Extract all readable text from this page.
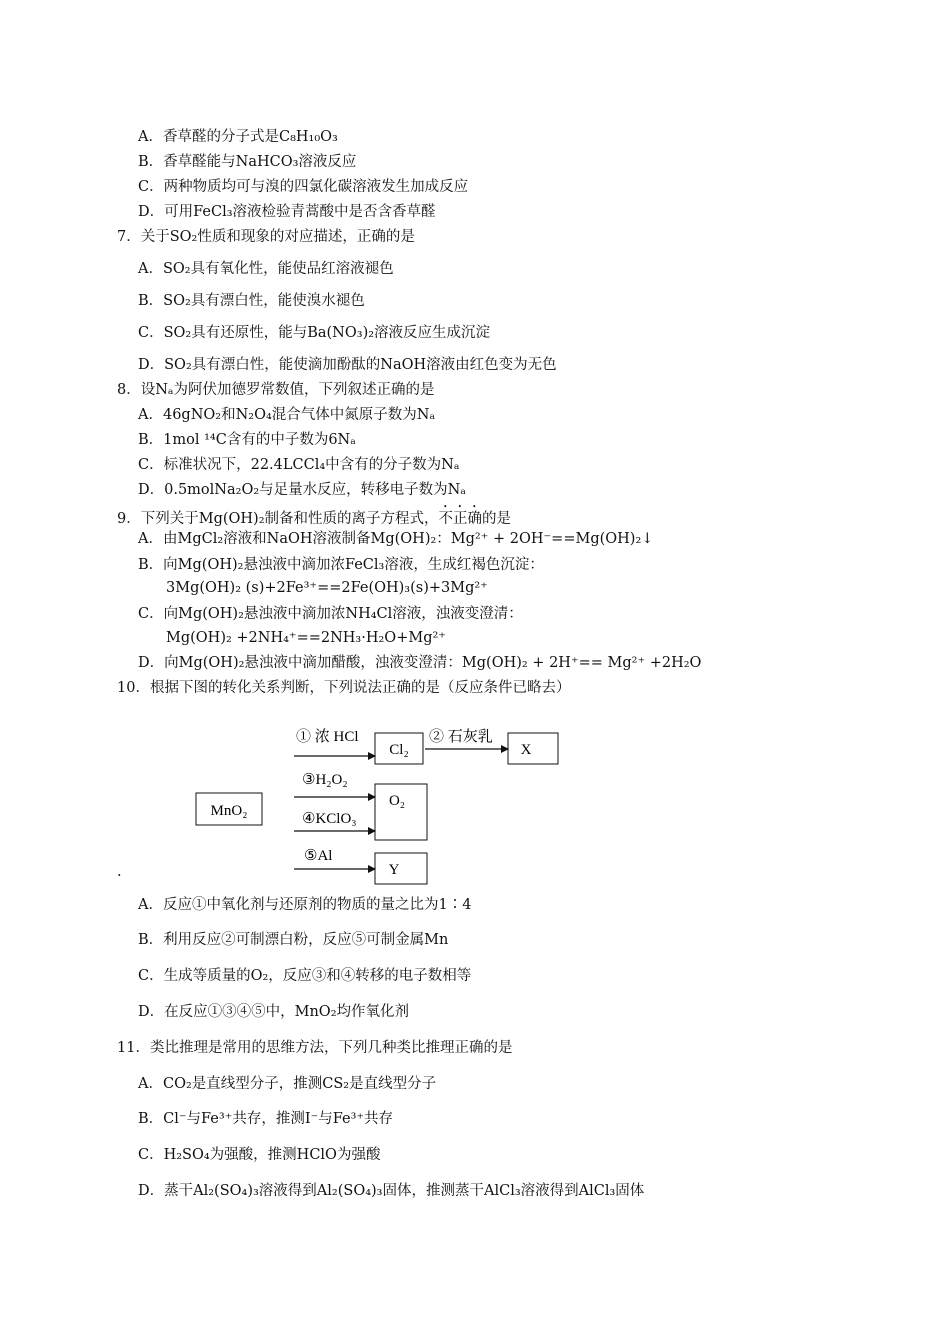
A．香草醛的分子式是C₈H₁₀O₃
B．香草醛能与NaHCO₃溶液反应
C．两种物质均可与溴的四氯化碳溶液发生加成反应
D．可用FeCl₃溶液检验青蒿酸中是否含香草醛
7．关于SO₂性质和现象的对应描述，正确的是
A．SO₂具有氧化性，能使品红溶液褪色
B．SO₂具有漂白性，能使溴水褪色
C．SO₂具有还原性，能与Ba(NO₃)₂溶液反应生成沉淀
D．SO₂具有漂白性，能使滴加酚酞的NaOH溶液由红色变为无色
8．设Nₐ为阿伏加德罗常数值，下列叙述正确的是
A．46gNO₂和N₂O₄混合气体中氮原子数为Nₐ
B．1mol ¹⁴C含有的中子数为6Nₐ
C．标准状况下，22.4LCCl₄中含有的分子数为Nₐ
D．0.5molNa₂O₂与足量水反应，转移电子数为Nₐ
9．下列关于Mg(OH)₂制备和性质的离子方程式，不正确的是
A．由MgCl₂溶液和NaOH溶液制备Mg(OH)₂：Mg²⁺ + 2OH⁻==Mg(OH)₂↓
B．向Mg(OH)₂悬浊液中滴加浓FeCl₃溶液，生成红褐色沉淀：
3Mg(OH)₂ (s)+2Fe³⁺==2Fe(OH)₃(s)+3Mg²⁺
C．向Mg(OH)₂悬浊液中滴加浓NH₄Cl溶液，浊液变澄清：
Mg(OH)₂ +2NH₄⁺==2NH₃·H₂O+Mg²⁺
D．向Mg(OH)₂悬浊液中滴加醋酸，浊液变澄清：Mg(OH)₂ + 2H⁺== Mg²⁺ +2H₂O
10．根据下图的转化关系判断，下列说法正确的是（反应条件已略去）
MnO₂
① 浓 HCl
Cl₂
② 石灰乳
X
③H₂O₂
④KClO₃
O₂
⑤Al
Y
.
A．反应①中氧化剂与还原剂的物质的量之比为1∶4
B．利用反应②可制漂白粉，反应⑤可制金属Mn
C．生成等质量的O₂，反应③和④转移的电子数相等
D．在反应①③④⑤中，MnO₂均作氧化剂
11．类比推理是常用的思维方法，下列几种类比推理正确的是
A．CO₂是直线型分子，推测CS₂是直线型分子
B．Cl⁻与Fe³⁺共存，推测I⁻与Fe³⁺共存
C．H₂SO₄为强酸，推测HClO为强酸
D．蒸干Al₂(SO₄)₃溶液得到Al₂(SO₄)₃固体，推测蒸干AlCl₃溶液得到AlCl₃固体
